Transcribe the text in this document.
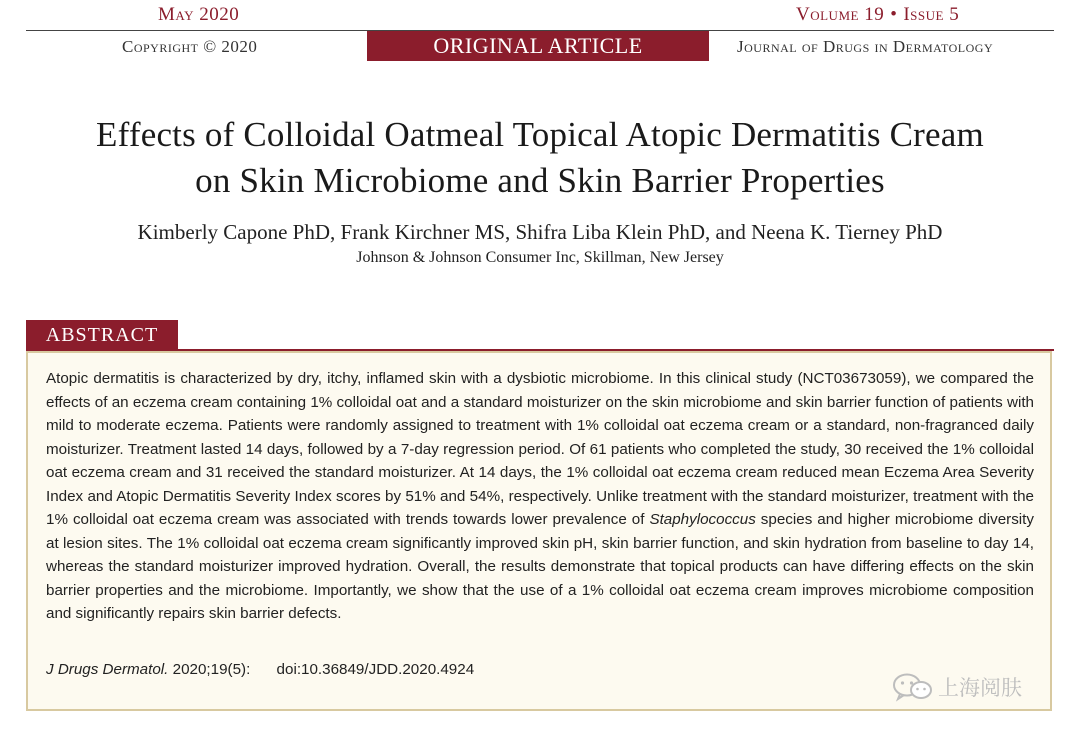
May 2020	Volume 19 • Issue 5
Copyright © 2020	ORIGINAL ARTICLE	Journal of Drugs in Dermatology
Effects of Colloidal Oatmeal Topical Atopic Dermatitis Cream
on Skin Microbiome and Skin Barrier Properties
Kimberly Capone PhD, Frank Kirchner MS, Shifra Liba Klein PhD, and Neena K. Tierney PhD
Johnson & Johnson Consumer Inc, Skillman, New Jersey
ABSTRACT

Atopic dermatitis is characterized by dry, itchy, inflamed skin with a dysbiotic microbiome. In this clinical study (NCT03673059), we compared the effects of an eczema cream containing 1% colloidal oat and a standard moisturizer on the skin microbiome and skin barrier function of patients with mild to moderate eczema. Patients were randomly assigned to treatment with 1% colloidal oat eczema cream or a standard, non-fragranced daily moisturizer. Treatment lasted 14 days, followed by a 7-day regression period. Of 61 patients who completed the study, 30 received the 1% colloidal oat eczema cream and 31 received the standard moisturizer. At 14 days, the 1% colloidal oat eczema cream reduced mean Eczema Area Severity Index and Atopic Dermatitis Severity Index scores by 51% and 54%, respectively. Unlike treatment with the standard moisturizer, treatment with the 1% colloidal oat eczema cream was associated with trends towards lower prevalence of Staphylococcus species and higher microbiome diversity at lesion sites. The 1% colloidal oat eczema cream significantly improved skin pH, skin barrier function, and skin hydration from baseline to day 14, whereas the standard moisturizer improved hydration. Overall, the results demonstrate that topical products can have differing effects on the skin barrier properties and the microbiome. Importantly, we show that the use of a 1% colloidal oat eczema cream improves microbiome composition and significantly repairs skin barrier defects.

J Drugs Dermatol. 2020;19(5): doi:10.36849/JDD.2020.4924
上海阅肤
